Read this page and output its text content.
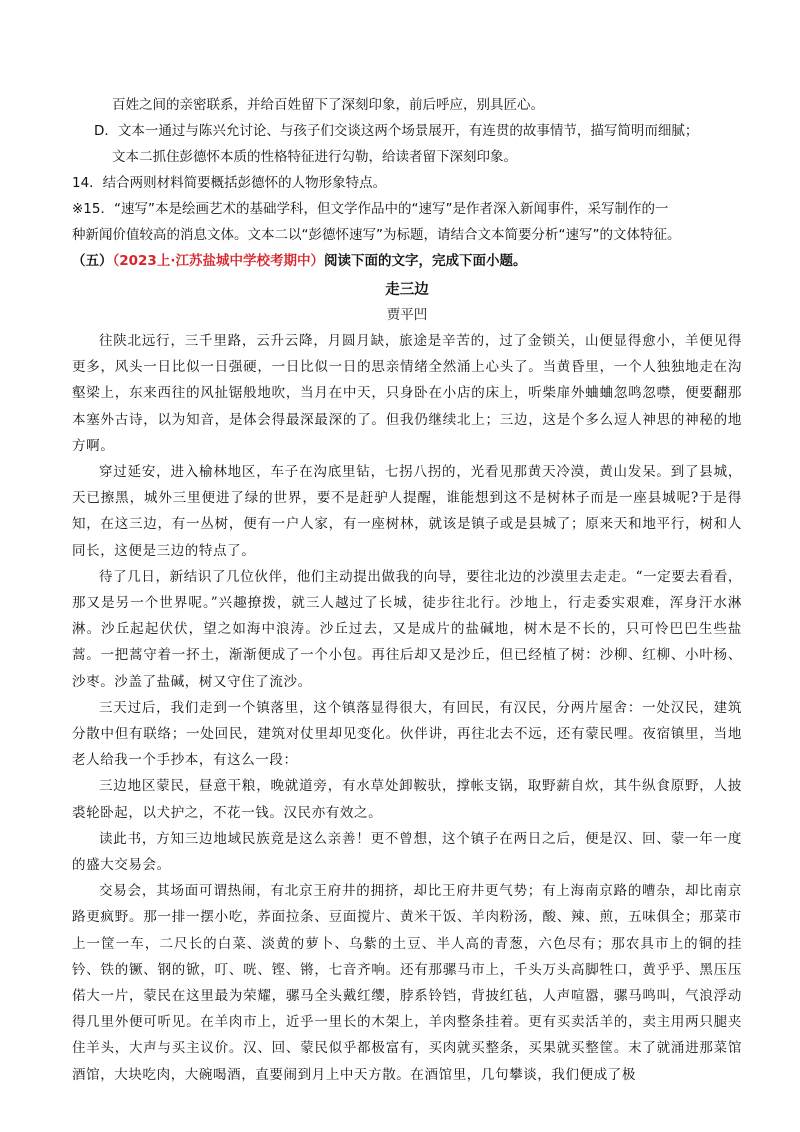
百姓之间的亲密联系，并给百姓留下了深刻印象，前后呼应，别具匠心。
D．文本一通过与陈兴允讨论、与孩子们交谈这两个场景展开，有连贯的故事情节，描写简明而细腻；
文本二抓住彭德怀本质的性格特征进行勾勒，给读者留下深刻印象。
14．结合两则材料简要概括彭德怀的人物形象特点。
※15．“速写”本是绘画艺术的基础学科，但文学作品中的“速写”是作者深入新闻事件，采写制作的一
种新闻价值较高的消息文体。文本二以“彭德怀速写”为标题，请结合文本简要分析“速写”的文体特征。
（五）（2023上·江苏盐城中学校考期中）阅读下面的文字，完成下面小题。
走三边
贾平凹

往陕北远行，三千里路，云升云降，月圆月缺，旅途是辛苦的，过了金锁关，山便显得愈小，羊便见得更多，风头一日比似一日强硬，一日比似一日的思亲情绪全然涌上心头了。当黄昏里，一个人独独地走在沟壑梁上，东来西往的风扯锯般地吹，当月在中天，只身卧在小店的床上，听柴扉外蛐蛐忽鸣忽噤，便要翻那本塞外古诗，以为知音，是体会得最深最深的了。但我仍继续北上；三边，这是个多么逗人神思的神秘的地方啊。

穿过延安，进入榆林地区，车子在沟底里钻，七拐八拐的，光看见那黄天冷漠，黄山发呆。到了县城，天已擦黑，城外三里便进了绿的世界，要不是赶驴人提醒，谁能想到这不是树林子而是一座县城呢?于是得知，在这三边，有一丛树，便有一户人家，有一座树林，就该是镇子或是县城了；原来天和地平行，树和人同长，这便是三边的特点了。

待了几日，新结识了几位伙伴，他们主动提出做我的向导，要往北边的沙漠里去走走。“一定要去看看，那又是另一个世界呢。”兴趣撩拨，就三人越过了长城，徒步往北行。沙地上，行走委实艰难，浑身汗水淋淋。沙丘起起伏伏，望之如海中浪涛。沙丘过去，又是成片的盐碱地，树木是不长的，只可怜巴巴生些盐蒿。一把蒿守着一抔土，渐渐便成了一个小包。再往后却又是沙丘，但已经植了树：沙柳、红柳、小叶杨、沙枣。沙盖了盐碱，树又守住了流沙。

三天过后，我们走到一个镇落里，这个镇落显得很大，有回民，有汉民，分两片屋舍：一处汉民，建筑分散中但有联络；一处回民，建筑对仗里却见变化。伙伴讲，再往北去不远，还有蒙民哩。夜宿镇里，当地老人给我一个手抄本，有这么一段：

三边地区蒙民，昼意干粮，晚就道旁，有水草处卸鞍驮，撑帐支锅，取野薪自炊，其牛纵食原野，人披裘轮卧起，以犬护之，不花一钱。汉民亦有效之。

读此书，方知三边地域民族竟是这么亲善！更不曾想，这个镇子在两日之后，便是汉、回、蒙一年一度的盛大交易会。

交易会，其场面可谓热闹，有北京王府井的拥挤，却比王府井更气势；有上海南京路的嘈杂，却比南京路更疯野。那一排一摆小吃，荞面拉条、豆面搅片、黄米干饭、羊肉粉汤，酸、辣、煎，五味俱全；那菜市上一筐一车，二尺长的白菜、淡黄的萝卜、乌紫的土豆、半人高的青葱，六色尽有；那农具市上的铜的挂钤、铁的镢、钢的锨，叮、咣、铿、锵，七音齐响。还有那骡马市上，千头万头高脚牲口，黄乎乎、黑压压偌大一片，蒙民在这里最为荣耀，骡马全头戴红缨，脖系铃铛，背披红毡，人声喧嚣，骡马鸣叫，气浪浮动得几里外便可听见。在羊肉市上，近乎一里长的木架上，羊肉整条挂着。更有买卖活羊的，卖主用两只腿夹住羊头，大声与买主议价。汉、回、蒙民似乎都极富有，买肉就买整条，买果就买整筐。末了就涌进那菜馆酒馆，大块吃肉，大碗喝酒，直要闹到月上中天方散。在酒馆里，几句攀谈，我们便成了极
